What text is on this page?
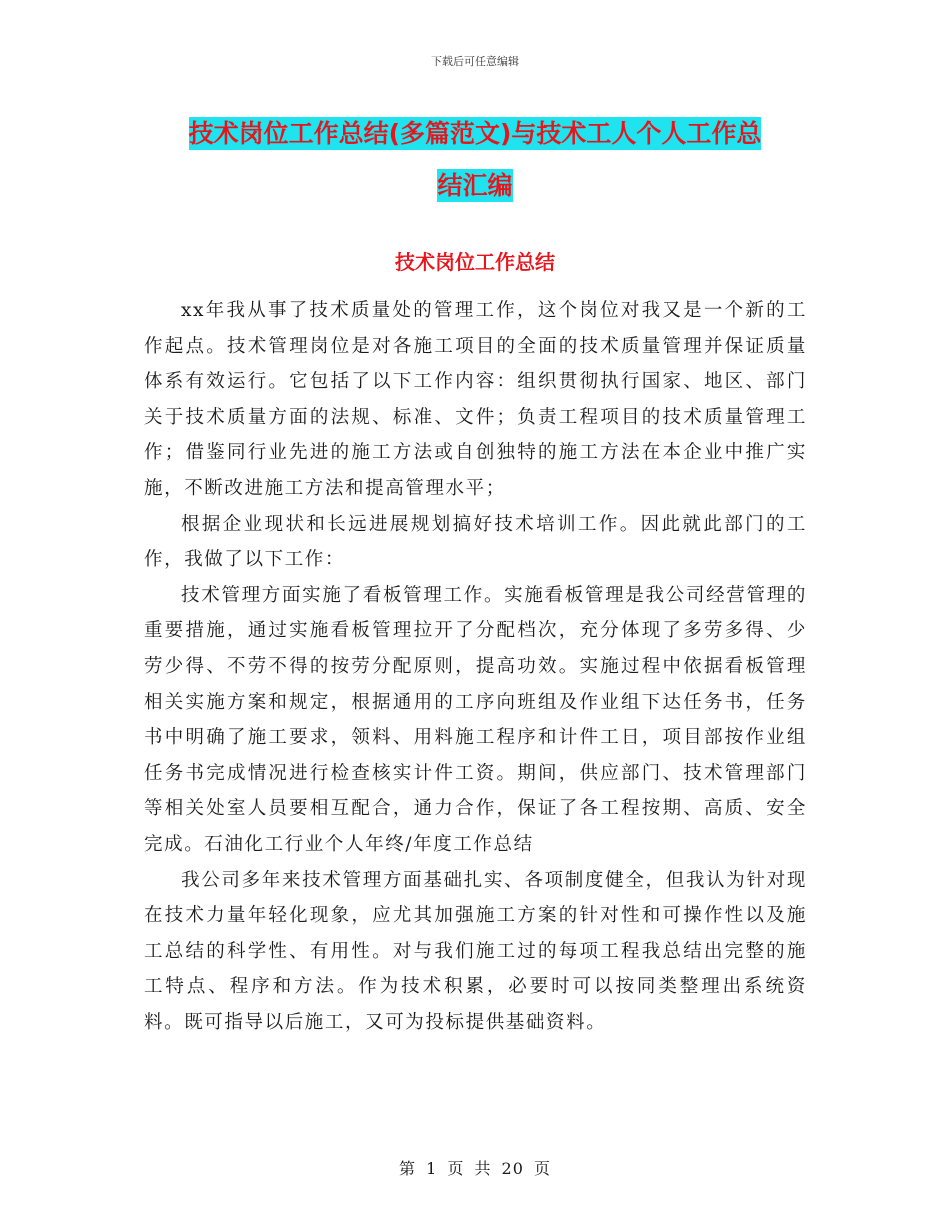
下载后可任意编辑
技术岗位工作总结(多篇范文)与技术工人个人工作总
结汇编
技术岗位工作总结

xx年我从事了技术质量处的管理工作，这个岗位对我又是一个新的工作起点。技术管理岗位是对各施工项目的全面的技术质量管理并保证质量体系有效运行。它包括了以下工作内容：组织贯彻执行国家、地区、部门关于技术质量方面的法规、标准、文件；负责工程项目的技术质量管理工作；借鉴同行业先进的施工方法或自创独特的施工方法在本企业中推广实施，不断改进施工方法和提高管理水平；

根据企业现状和长远进展规划搞好技术培训工作。因此就此部门的工作，我做了以下工作：

技术管理方面实施了看板管理工作。实施看板管理是我公司经营管理的重要措施，通过实施看板管理拉开了分配档次，充分体现了多劳多得、少劳少得、不劳不得的按劳分配原则，提高功效。实施过程中依据看板管理相关实施方案和规定，根据通用的工序向班组及作业组下达任务书，任务书中明确了施工要求，领料、用料施工程序和计件工日，项目部按作业组任务书完成情况进行检查核实计件工资。期间，供应部门、技术管理部门等相关处室人员要相互配合，通力合作，保证了各工程按期、高质、安全完成。石油化工行业个人年终/年度工作总结

我公司多年来技术管理方面基础扎实、各项制度健全，但我认为针对现在技术力量年轻化现象，应尤其加强施工方案的针对性和可操作性以及施工总结的科学性、有用性。对与我们施工过的每项工程我总结出完整的施工特点、程序和方法。作为技术积累，必要时可以按同类整理出系统资料。既可指导以后施工，又可为投标提供基础资料。

第 1 页 共 20 页
